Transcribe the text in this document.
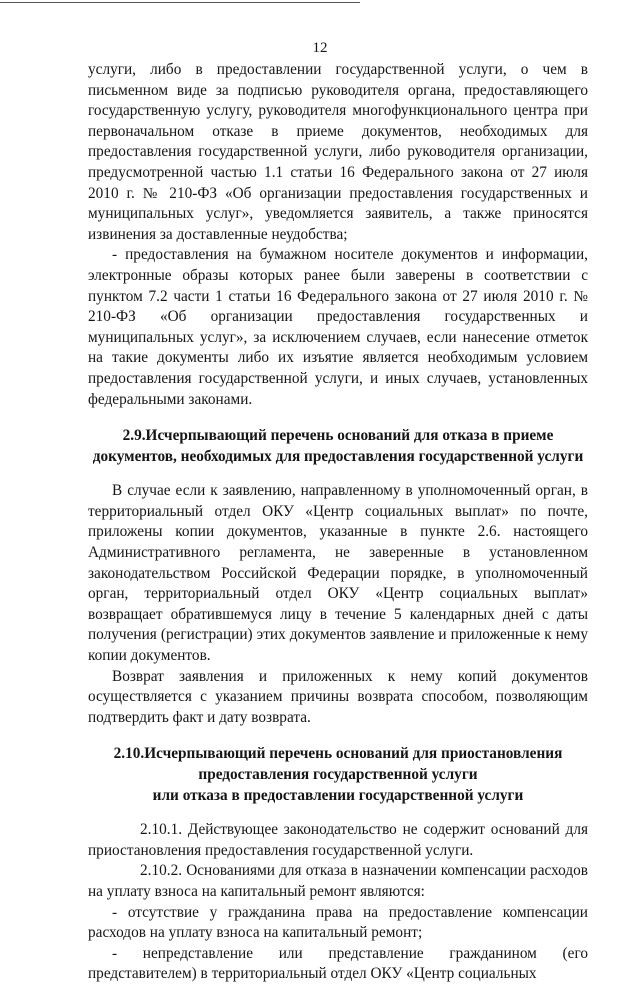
12

услуги, либо в предоставлении государственной услуги, о чем в письменном виде за подписью руководителя органа, предоставляющего государственную услугу, руководителя многофункционального центра при первоначальном отказе в приеме документов, необходимых для предоставления государственной услуги, либо руководителя организации, предусмотренной частью 1.1 статьи 16 Федерального закона от 27 июля 2010 г. № 210-ФЗ «Об организации предоставления государственных и муниципальных услуг», уведомляется заявитель, а также приносятся извинения за доставленные неудобства;

- предоставления на бумажном носителе документов и информации, электронные образы которых ранее были заверены в соответствии с пунктом 7.2 части 1 статьи 16 Федерального закона от 27 июля 2010 г. № 210-ФЗ «Об организации предоставления государственных и муниципальных услуг», за исключением случаев, если нанесение отметок на такие документы либо их изъятие является необходимым условием предоставления государственной услуги, и иных случаев, установленных федеральными законами.

2.9.Исчерпывающий перечень оснований для отказа в приеме документов, необходимых для предоставления государственной услуги

В случае если к заявлению, направленному в уполномоченный орган, в территориальный отдел ОКУ «Центр социальных выплат» по почте, приложены копии документов, указанные в пункте 2.6. настоящего Административного регламента, не заверенные в установленном законодательством Российской Федерации порядке, в уполномоченный орган, территориальный отдел ОКУ «Центр социальных выплат» возвращает обратившемуся лицу в течение 5 календарных дней с даты получения (регистрации) этих документов заявление и приложенные к нему копии документов.

Возврат заявления и приложенных к нему копий документов осуществляется с указанием причины возврата способом, позволяющим подтвердить факт и дату возврата.

2.10.Исчерпывающий перечень оснований для приостановления
предоставления государственной услуги
или отказа в предоставлении государственной услуги

2.10.1. Действующее законодательство не содержит оснований для приостановления предоставления государственной услуги.

2.10.2. Основаниями для отказа в назначении компенсации расходов на уплату взноса на капитальный ремонт являются:

- отсутствие у гражданина права на предоставление компенсации расходов на уплату взноса на капитальный ремонт;

- непредставление или представление гражданином (его представителем) в территориальный отдел ОКУ «Центр социальных
